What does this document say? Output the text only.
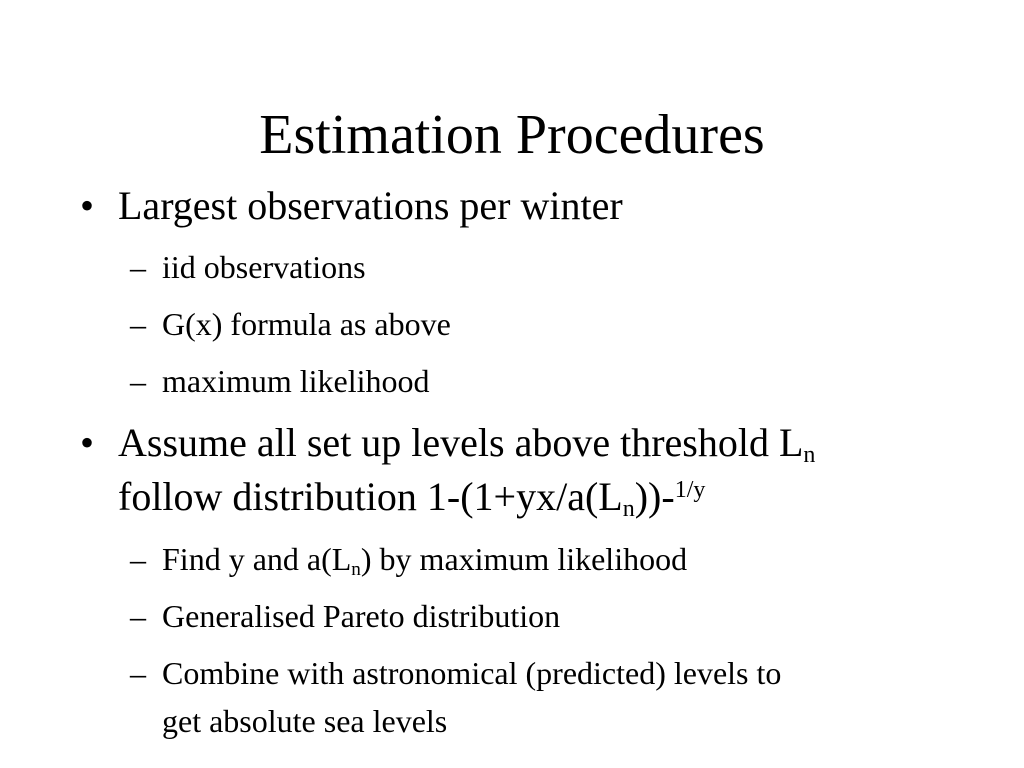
Estimation Procedures
• Largest observations per winter
– iid observations
– G(x) formula as above
– maximum likelihood
• Assume all set up levels above threshold $L_n$
follow distribution $1-(1+yx/a(L_n))-^{1/y}$
– Find y and $a(L_n)$ by maximum likelihood
– Generalised Pareto distribution
– Combine with astronomical (predicted) levels to
get absolute sea levels
